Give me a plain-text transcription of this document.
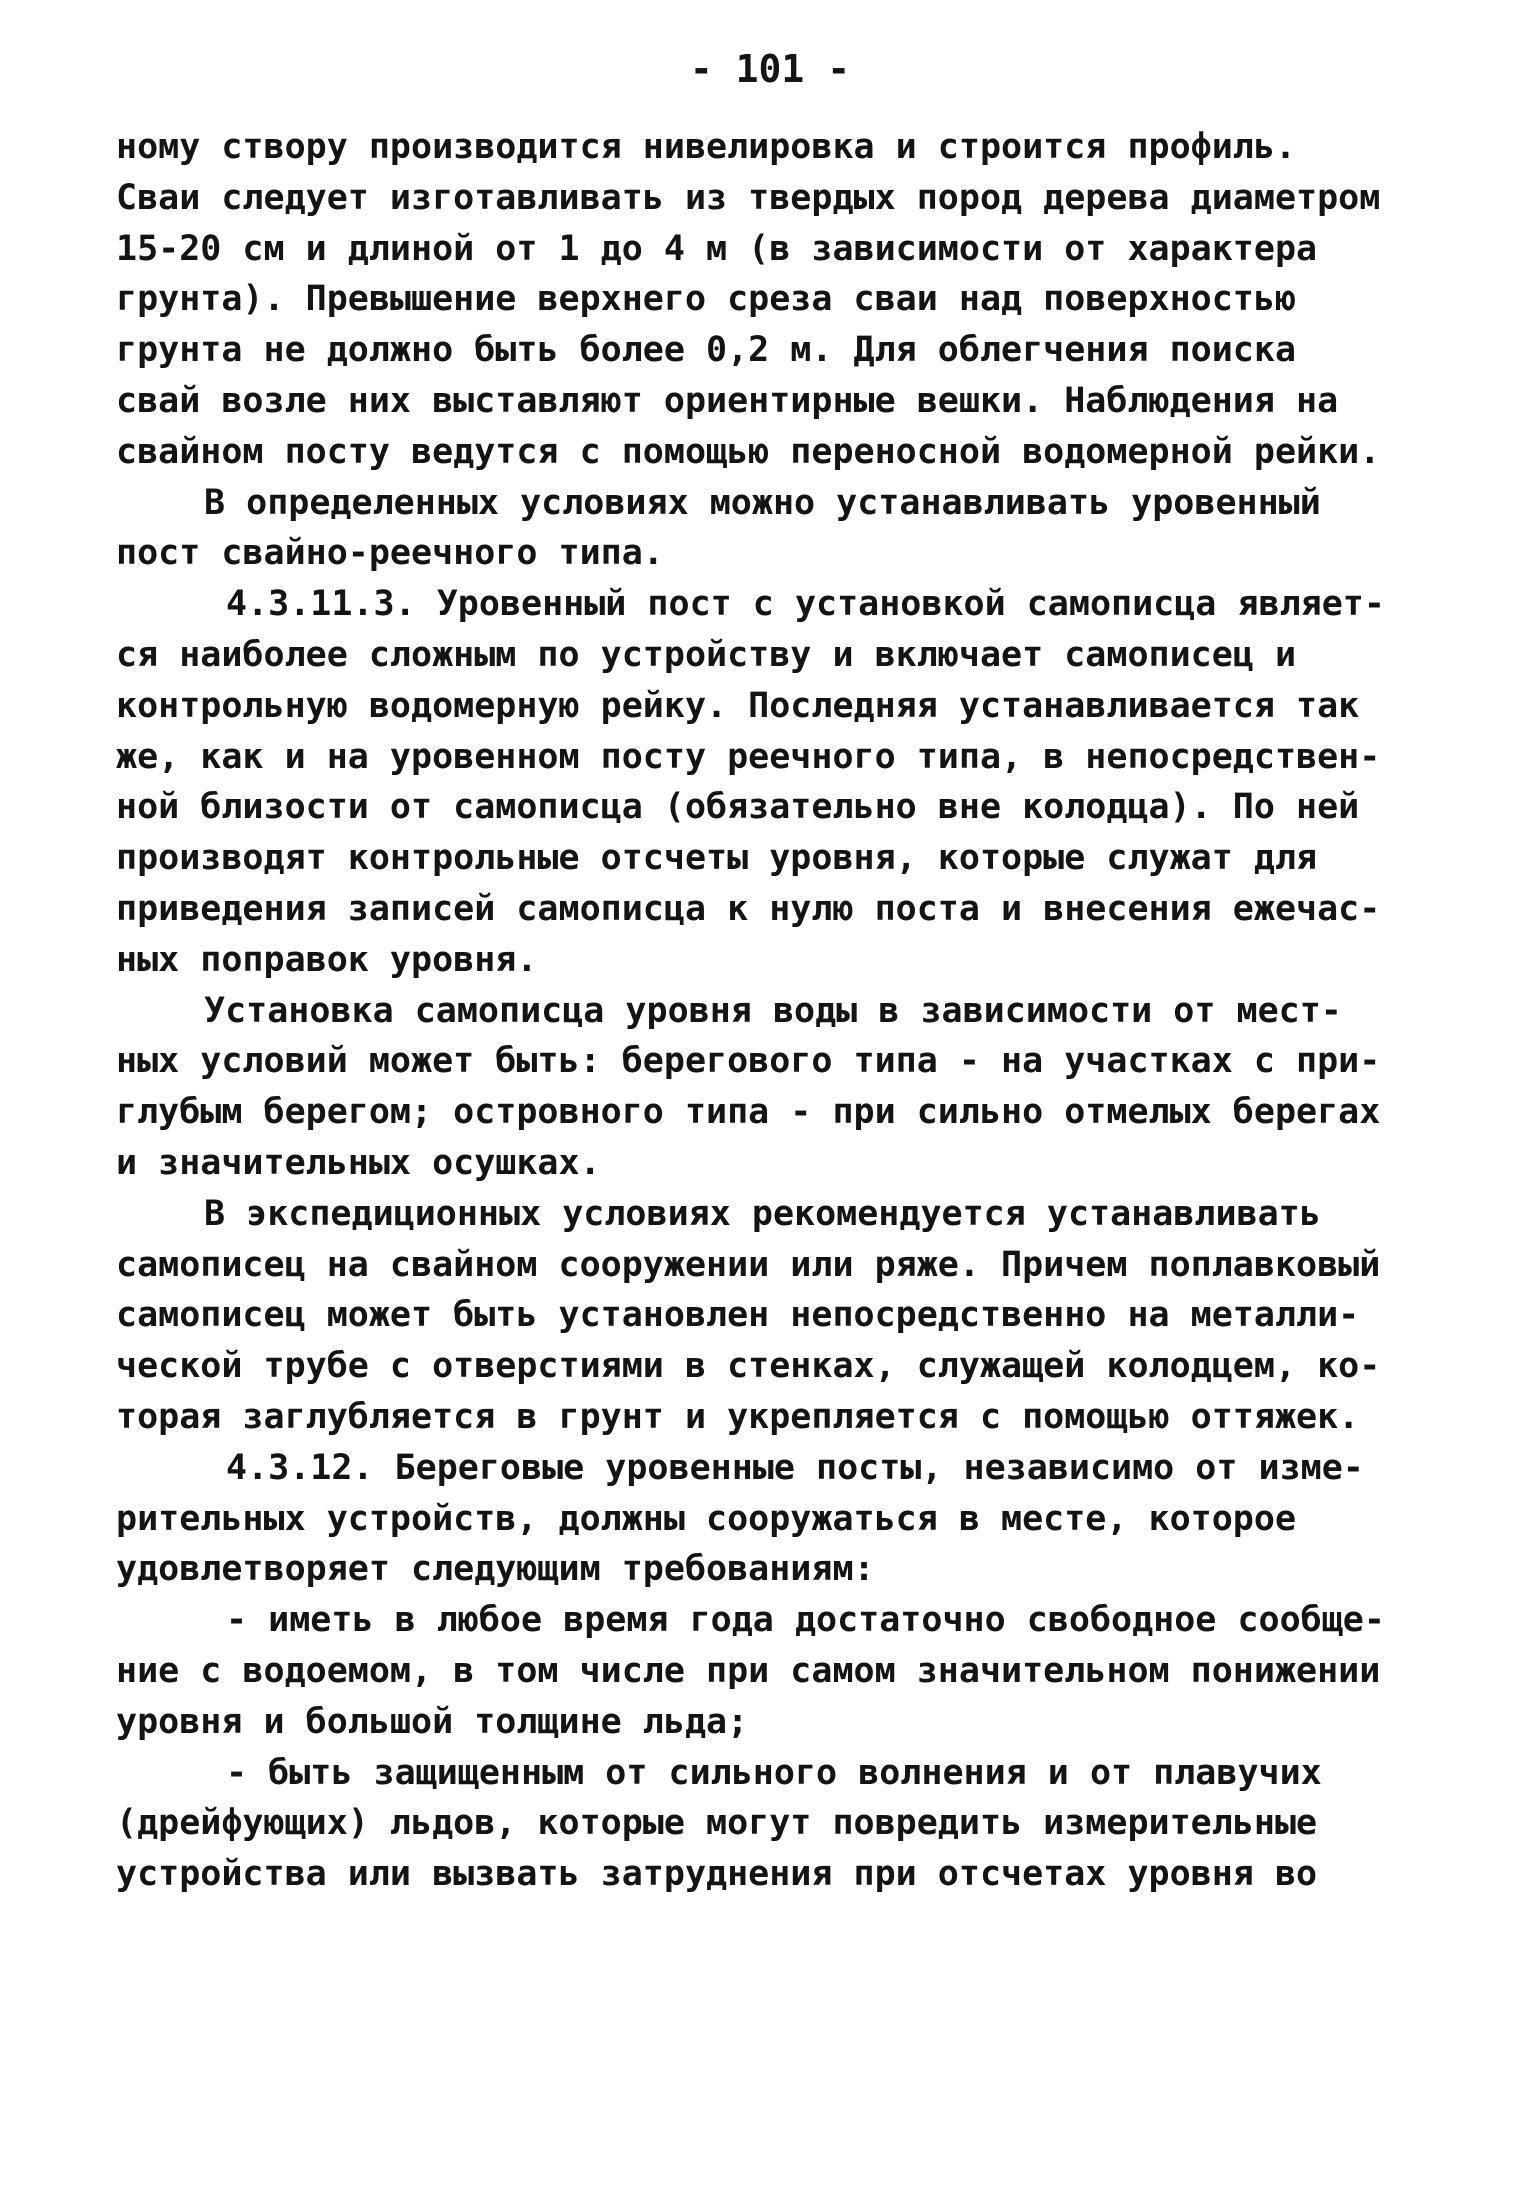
- 101 -
ному створу производится нивелировка и строится профиль.
Сваи следует изготавливать из твердых пород дерева диаметром
15-20 см и длиной от 1 до 4 м (в зависимости от характера
грунта). Превышение верхнего среза сваи над поверхностью
грунта не должно быть более 0,2 м. Для облегчения поиска
свай возле них выставляют ориентирные вешки. Наблюдения на
свайном посту ведутся с помощью переносной водомерной рейки.
В определенных условиях можно устанавливать уровенный
пост свайно-реечного типа.
4.3.11.3. Уровенный пост с установкой самописца являет-
ся наиболее сложным по устройству и включает самописец и
контрольную водомерную рейку. Последняя устанавливается так
же, как и на уровенном посту реечного типа, в непосредствен-
ной близости от самописца (обязательно вне колодца). По ней
производят контрольные отсчеты уровня, которые служат для
приведения записей самописца к нулю поста и внесения ежечас-
ных поправок уровня.
Установка самописца уровня воды в зависимости от мест-
ных условий может быть: берегового типа - на участках с при-
глубым берегом; островного типа - при сильно отмелых берегах
и значительных осушках.
В экспедиционных условиях рекомендуется устанавливать
самописец на свайном сооружении или ряже. Причем поплавковый
самописец может быть установлен непосредственно на металли-
ческой трубе с отверстиями в стенках, служащей колодцем, ко-
торая заглубляется в грунт и укрепляется с помощью оттяжек.
4.3.12. Береговые уровенные посты, независимо от изме-
рительных устройств, должны сооружаться в месте, которое
удовлетворяет следующим требованиям:
- иметь в любое время года достаточно свободное сообще-
ние с водоемом, в том числе при самом значительном понижении
уровня и большой толщине льда;
- быть защищенным от сильного волнения и от плавучих
(дрейфующих) льдов, которые могут повредить измерительные
устройства или вызвать затруднения при отсчетах уровня во
